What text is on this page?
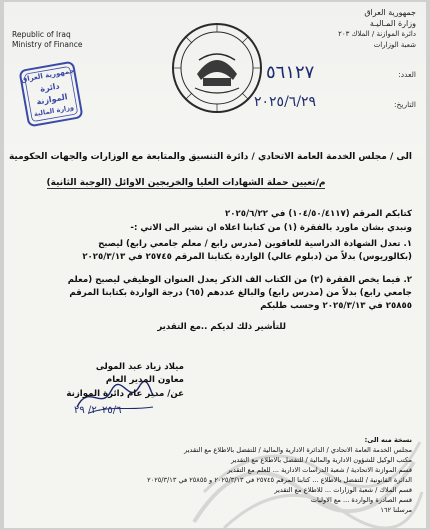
Republic of Iraq
Ministry of Finance
جمهورية العراق
وزارة المـاليـة
دائرة الموازنة / الملاك ٢٠٣
شعبة الوزارات
العدد:
التاريخ:
٥٦١٢٧
٢٠٢٥/٦/٢٩
جمهورية العراق
دائرة
الموازنة
وزارة المالية
الى / مجلس الخدمة العامة الاتحادي / دائرة التنسيق والمتابعة مع الوزارات والجهات الحكومية
م/تعيين حملة الشهادات العليا والخريجين الاوائل (الوجبة الثانية)
كتابكم المرقم (١٠٤/٥٠/٤١١٧) في ٢٠٢٥/٦/٢٢
ونبدي بشان ماورد بالفقرة (١) من كتابنا اعلاه ان نشير الى الاتي :-
١. تعدل الشهادة الدراسية للعاقوين (مدرس رابع / معلم جامعي رابع) ليصبح (بكالوريوس) بدلاً من (دبلوم عالي) الواردة بكتابنا المرقم ٢٥٧٤٥ في ٢٠٢٥/٣/١٣
٢. فيما يخص الفقرة (٢) من الكتاب الف الذكر يعدل العنوان الوظيفي ليصبح (معلم جامعي رابع) بدلاً من (مدرس رابع) والبالغ عددهم (٦٥) درجة الواردة بكتابنا المرقم ٢٥٨٥٥ في ٢٠٢٥/٣/١٣ وحسب طلبكم
للتأشير ذلك لديكم ..مع التقدير
ميلاد زياد عبد المولى
معاون المدير العام
عن/ مدير عام دائرة الموازنة
٢٠٢٥/٦/ ٢٩
نسخة منه الى:
مجلس الخدمة العامة الاتحادي / الدائرة الادارية والمالية / للتفضل بالاطلاع مع التقدير
مكتب الوكيل للشؤون الادارية والمالية / للتفضل بالاطلاع مع التقدير
قسم الموازنة الاتحادية / شعبة الدراسات الادارية ... للعلم مع التقدير
الدائرة القانونية / للتفضل بالاطلاع ... كتابنا المرقم ٢٥٧٤٥ في ٢٠٢٥/٣/١٣ و ٢٥٨٥٥ في ٢٠٢٥/٣/١٣
قسم الملاك / شعبة الوزارات ... للاطلاع مع التقدير
قسم الصادرة والواردة ... مع الاوليات
مرسلنا ١٦٢
